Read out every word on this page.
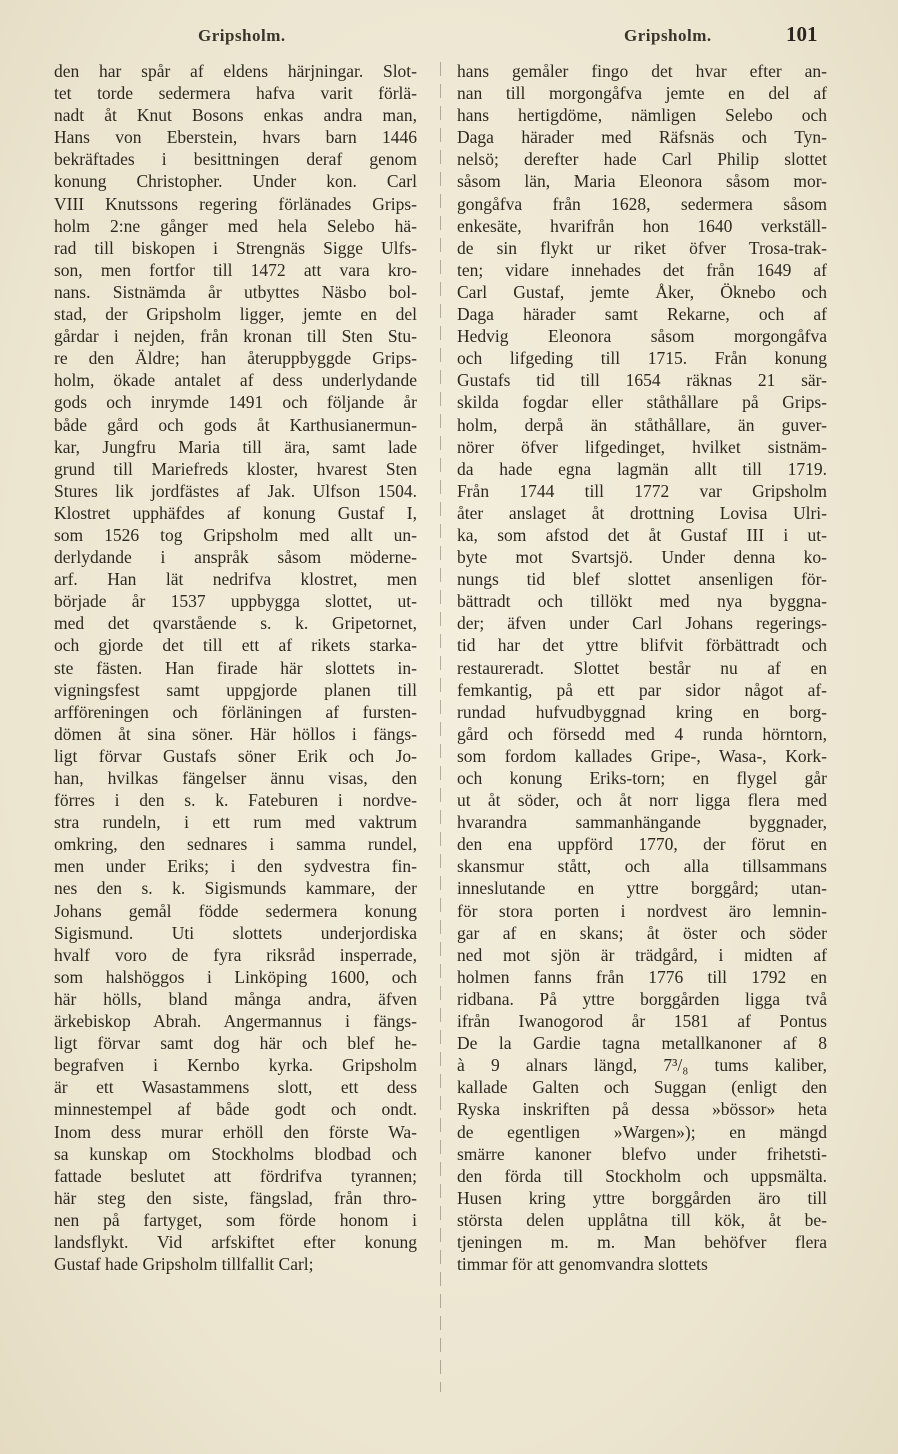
Gripsholm.	Gripsholm.	101
den har spår af eldens härjningar. Slot-
tet torde sedermera hafva varit förlä-
nadt åt Knut Bosons enkas andra man,
Hans von Eberstein, hvars barn 1446
bekräftades i besittningen deraf genom
konung Christopher. Under kon. Carl
VIII Knutssons regering förlänades Grips-
holm 2:ne gånger med hela Selebo hä-
rad till biskopen i Strengnäs Sigge Ulfs-
son, men fortfor till 1472 att vara kro-
nans. Sistnämda år utbyttes Näsbo bol-
stad, der Gripsholm ligger, jemte en del
gårdar i nejden, från kronan till Sten Stu-
re den Äldre; han återuppbyggde Grips-
holm, ökade antalet af dess underlydande
gods och inrymde 1491 och följande år
både gård och gods åt Karthusianermun-
kar, Jungfru Maria till ära, samt lade
grund till Mariefreds kloster, hvarest Sten
Stures lik jordfästes af Jak. Ulfson 1504.
Klostret upphäfdes af konung Gustaf I,
som 1526 tog Gripsholm med allt un-
derlydande i anspråk såsom möderne-
arf. Han lät nedrifva klostret, men
började år 1537 uppbygga slottet, ut-
med det qvarstående s. k. Gripetornet,
och gjorde det till ett af rikets starka-
ste fästen. Han firade här slottets in-
vigningsfest samt uppgjorde planen till
arfföreningen och förläningen af fursten-
dömen åt sina söner. Här höllos i fängs-
ligt förvar Gustafs söner Erik och Jo-
han, hvilkas fängelser ännu visas, den
förres i den s. k. Fateburen i nordve-
stra rundeln, i ett rum med vaktrum
omkring, den sednares i samma rundel,
men under Eriks; i den sydvestra fin-
nes den s. k. Sigismunds kammare, der
Johans gemål födde sedermera konung
Sigismund. Uti slottets underjordiska
hvalf voro de fyra riksråd insperrade,
som halshöggos i Linköping 1600, och
här hölls, bland många andra, äfven
ärkebiskop Abrah. Angermannus i fängs-
ligt förvar samt dog här och blef he-
begrafven i Kernbo kyrka. Gripsholm
är ett Wasastammens slott, ett dess
minnestempel af både godt och ondt.
Inom dess murar erhöll den förste Wa-
sa kunskap om Stockholms blodbad och
fattade beslutet att fördrifva tyrannen;
här steg den siste, fängslad, från thro-
nen på fartyget, som förde honom i
landsflykt. Vid arfskiftet efter konung
Gustaf hade Gripsholm tillfallit Carl;
hans gemåler fingo det hvar efter an-
nan till morgongåfva jemte en del af
hans hertigdöme, nämligen Selebo och
Daga härader med Räfsnäs och Tyn-
nelsö; derefter hade Carl Philip slottet
såsom län, Maria Eleonora såsom mor-
gongåfva från 1628, sedermera såsom
enkesäte, hvarifrån hon 1640 verkställ-
de sin flykt ur riket öfver Trosa-trak-
ten; vidare innehades det från 1649 af
Carl Gustaf, jemte Åker, Öknebo och
Daga härader samt Rekarne, och af
Hedvig Eleonora såsom morgongåfva
och lifgeding till 1715. Från konung
Gustafs tid till 1654 räknas 21 sär-
skilda fogdar eller ståthållare på Grips-
holm, derpå än ståthållare, än guver-
nörer öfver lifgedinget, hvilket sistnäm-
da hade egna lagmän allt till 1719.
Från 1744 till 1772 var Gripsholm
åter anslaget åt drottning Lovisa Ulri-
ka, som afstod det åt Gustaf III i ut-
byte mot Svartsjö. Under denna ko-
nungs tid blef slottet ansenligen för-
bättradt och tillökt med nya byggna-
der; äfven under Carl Johans regerings-
tid har det yttre blifvit förbättradt och
restaureradt. Slottet består nu af en
femkantig, på ett par sidor något af-
rundad hufvudbyggnad kring en borg-
gård och försedd med 4 runda hörntorn,
som fordom kallades Gripe-, Wasa-, Kork-
och konung Eriks-torn; en flygel går
ut åt söder, och åt norr ligga flera med
hvarandra sammanhängande byggnader,
den ena uppförd 1770, der förut en
skansmur stått, och alla tillsammans
inneslutande en yttre borggård; utan-
för stora porten i nordvest äro lemnin-
gar af en skans; åt öster och söder
ned mot sjön är trädgård, i midten af
holmen fanns från 1776 till 1792 en
ridbana. På yttre borggården ligga två
ifrån Iwanogorod år 1581 af Pontus
De la Gardie tagna metallkanoner af 8
à 9 alnars längd, 7³/₈ tums kaliber,
kallade Galten och Suggan (enligt den
Ryska inskriften på dessa »bössor» heta
de egentligen »Wargen»); en mängd
smärre kanoner blefvo under frihetsti-
den förda till Stockholm och uppsmälta.
Husen kring yttre borggården äro till
största delen upplåtna till kök, åt be-
tjeningen m. m. Man behöfver flera
timmar för att genomvandra slottets
